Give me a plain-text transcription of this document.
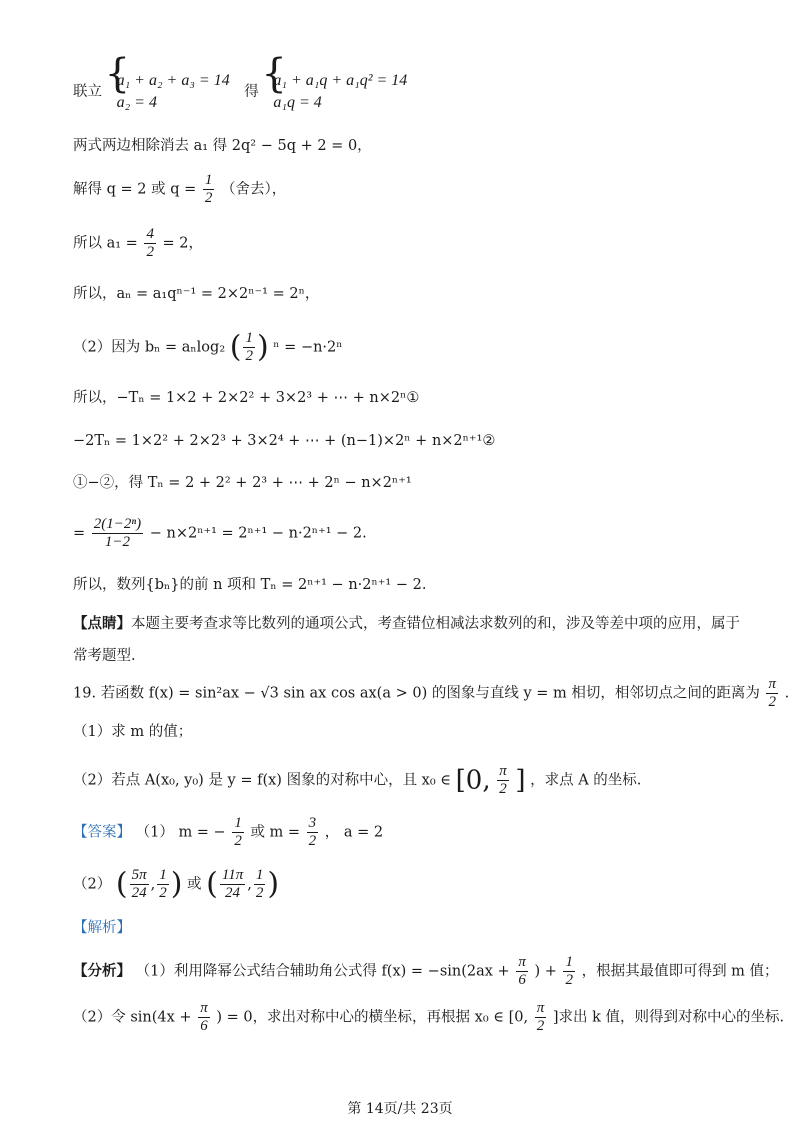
联立 {
a₁ + a₂ + a₃ = 14
a₂ = 4
得 {
a₁ + a₁q + a₁q² = 14
a₁q = 4
两式两边相除消去 a₁ 得 2q² − 5q + 2 = 0，
解得 q = 2 或 $q = \frac{1}{2}$ （舍去），
所以 $a_1 = \frac{4}{2} = 2$，
所以，aₙ = a₁qⁿ⁻¹ = 2×2ⁿ⁻¹ = 2ⁿ，
（2）因为 bₙ = aₙlog₂ ( $\frac{1}{2}$ ) ⁿ = −n·2ⁿ
所以，−Tₙ = 1×2 + 2×2² + 3×2³ + ⋯ + n×2ⁿ①
−2Tₙ = 1×2² + 2×2³ + 3×2⁴ + ⋯ + (n−1)×2ⁿ + n×2ⁿ⁺¹②
①−②，得 Tₙ = 2 + 2² + 2³ + ⋯ + 2ⁿ − n×2ⁿ⁺¹
= $\frac{\text{2(1−2ⁿ)}}{1-2} - n\times 2^{n+1} = 2^{n+1} - n\cdot 2^{n+1} - 2$.
所以，数列{bₙ}的前 n 项和 Tₙ = 2ⁿ⁺¹ − n·2ⁿ⁺¹ − 2.
【点睛】本题主要考查求等比数列的通项公式，考查错位相减法求数列的和，涉及等差中项的应用，属于
常考题型.
19. 若函数 f(x) = sin²ax − √3 sin ax cos ax(a > 0) 的图象与直线 y = m 相切，相邻切点之间的距离为 $\frac{\pi}{2}$ .
（1）求 m 的值；
（2）若点 A(x₀, y₀) 是 y = f(x) 图象的对称中心，且 x₀ ∈ [0, $\frac{\pi}{2}$ ] ，求点 A 的坐标.
【答案】 （1） m = − $\frac{1}{2}$ 或 $m = \frac{3}{2}$ ， a = 2
（2） ( $\frac{5\pi}{24}$ , $\frac{1}{2}$ ) 或 ( $\frac{11\pi}{24}$ , $\frac{1}{2}$ )
【解析】
【分析】 （1）利用降幂公式结合辅助角公式得 $f(x) = -\sin(2ax + \frac{\pi}{6}$ ) + $\frac{1}{2}$ ，根据其最值即可得到 m 值；
（2）令 $\sin(4x + \frac{\pi}{6}$ ) = 0，求出对称中心的横坐标，再根据 x₀ ∈ [0, $\frac{\pi}{2}$ ]求出 k 值，则得到对称中心的坐标.
第 14页/共 23页
